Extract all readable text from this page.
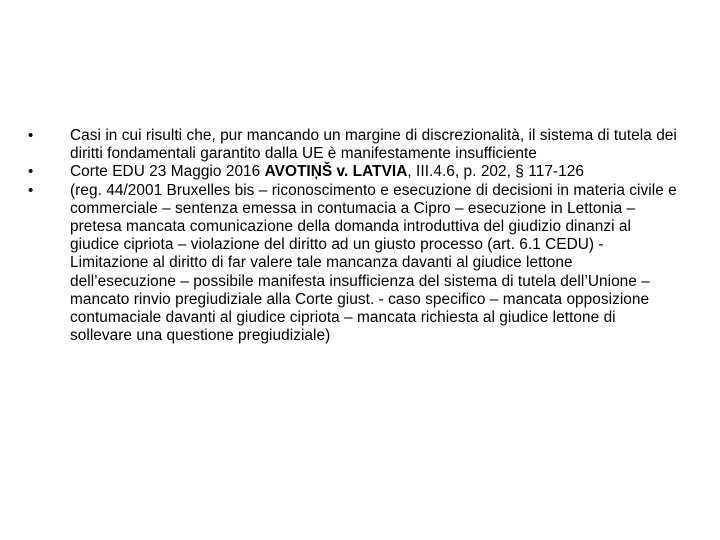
•	Casi in cui risulti che, pur mancando un margine di discrezionalità, il sistema di tutela dei diritti fondamentali garantito dalla UE è manifestamente insufficiente
•	Corte EDU 23 Maggio 2016 AVOTIŅŠ v. LATVIA, III.4.6, p. 202, § 117-126
•	(reg. 44/2001 Bruxelles bis – riconoscimento e esecuzione di decisioni in materia civile e commerciale – sentenza emessa in contumacia a Cipro – esecuzione in Lettonia – pretesa mancata comunicazione della domanda introduttiva del giudizio dinanzi al giudice cipriota – violazione del diritto ad un giusto processo (art. 6.1 CEDU) - Limitazione al diritto di far valere tale mancanza davanti al giudice lettone dell’esecuzione – possibile manifesta insufficienza del sistema di tutela dell’Unione – mancato rinvio pregiudiziale alla Corte giust. - caso specifico – mancata opposizione contumaciale davanti al giudice cipriota – mancata richiesta al giudice lettone di sollevare una questione pregiudiziale)
